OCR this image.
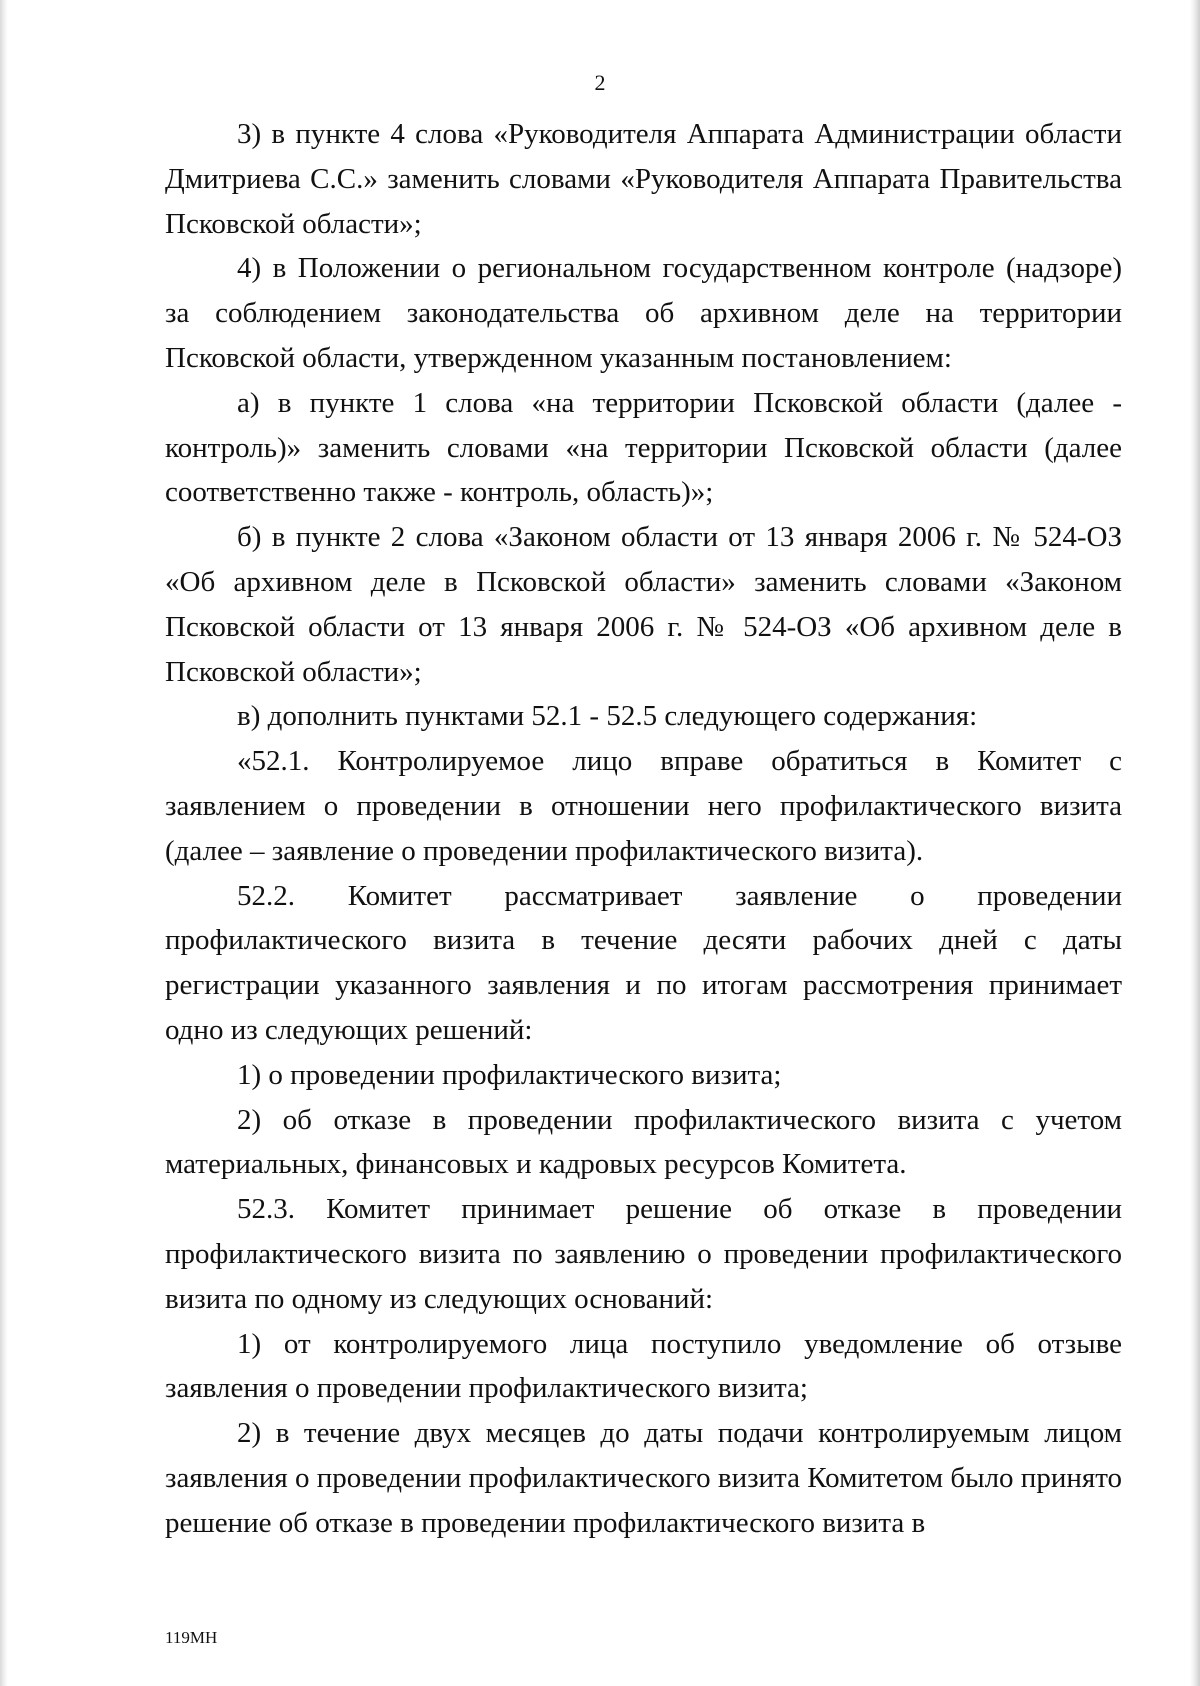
2

3) в пункте 4 слова «Руководителя Аппарата Администрации области Дмитриева С.С.» заменить словами «Руководителя Аппарата Правительства Псковской области»;

4) в Положении о региональном государственном контроле (надзоре) за соблюдением законодательства об архивном деле на территории Псковской области, утвержденном указанным постановлением:

а) в пункте 1 слова «на территории Псковской области (далее - контроль)» заменить словами «на территории Псковской области (далее соответственно также - контроль, область)»;

б) в пункте 2 слова «Законом области от 13 января 2006 г. № 524-ОЗ «Об архивном деле в Псковской области» заменить словами «Законом Псковской области от 13 января 2006 г. № 524-ОЗ «Об архивном деле в Псковской области»;

в) дополнить пунктами 52.1 - 52.5 следующего содержания:

«52.1. Контролируемое лицо вправе обратиться в Комитет с заявлением о проведении в отношении него профилактического визита (далее – заявление о проведении профилактического визита).

52.2. Комитет рассматривает заявление о проведении профилактического визита в течение десяти рабочих дней с даты регистрации указанного заявления и по итогам рассмотрения принимает одно из следующих решений:

1) о проведении профилактического визита;

2) об отказе в проведении профилактического визита с учетом материальных, финансовых и кадровых ресурсов Комитета.

52.3. Комитет принимает решение об отказе в проведении профилактического визита по заявлению о проведении профилактического визита по одному из следующих оснований:

1) от контролируемого лица поступило уведомление об отзыве заявления о проведении профилактического визита;

2) в течение двух месяцев до даты подачи контролируемым лицом заявления о проведении профилактического визита Комитетом было принято решение об отказе в проведении профилактического визита в

119МН
